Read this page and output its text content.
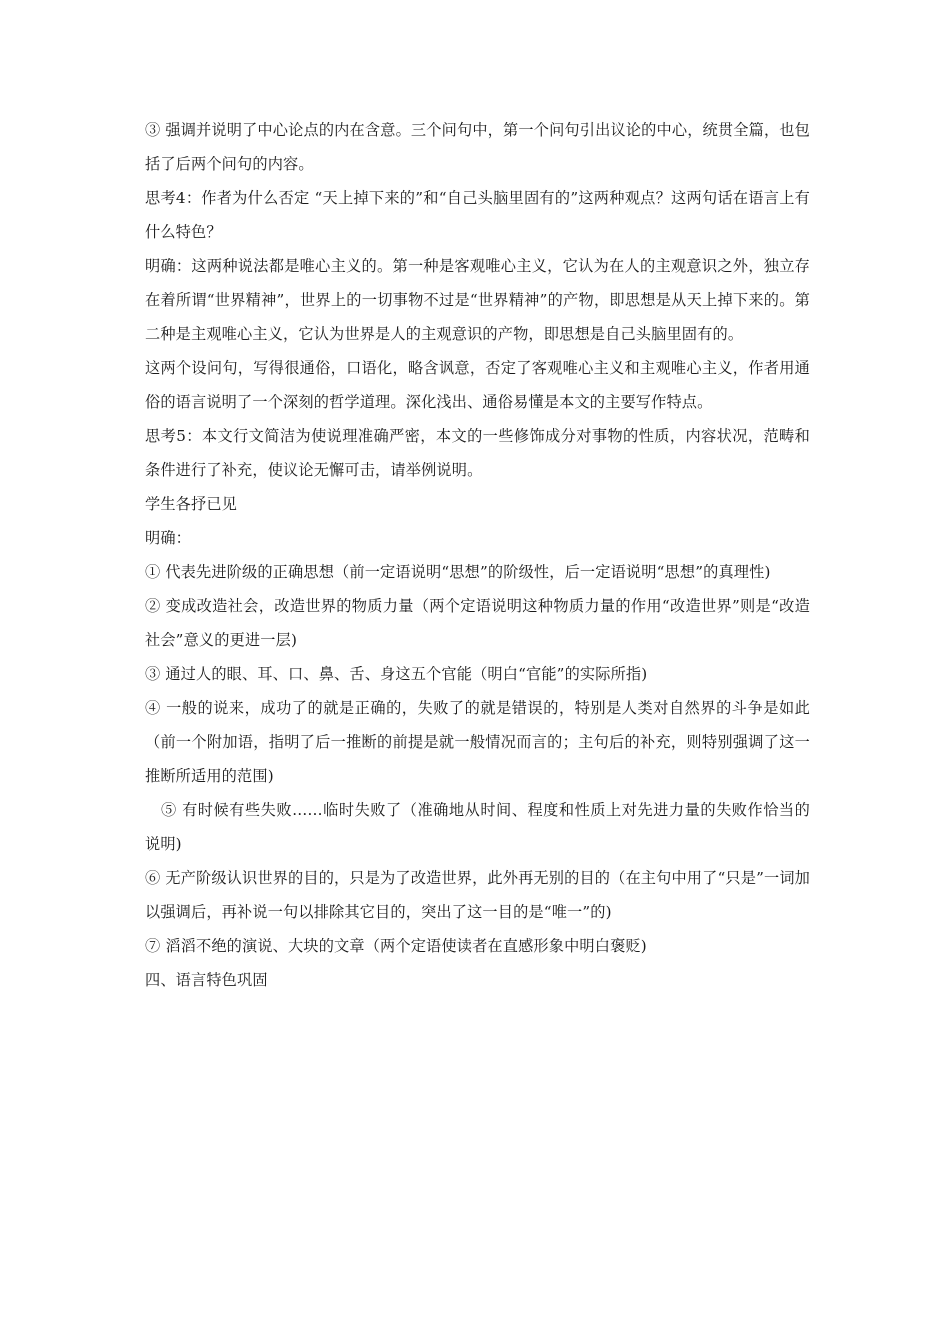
③ 强调并说明了中心论点的内在含意。三个问句中，第一个问句引出议论的中心，统贯全篇，也包括了后两个问句的内容。

思考4：作者为什么否定 “天上掉下来的”和“自己头脑里固有的”这两种观点？这两句话在语言上有什么特色？

明确：这两种说法都是唯心主义的。第一种是客观唯心主义，它认为在人的主观意识之外，独立存在着所谓“世界精神”，世界上的一切事物不过是“世界精神”的产物，即思想是从天上掉下来的。第二种是主观唯心主义，它认为世界是人的主观意识的产物，即思想是自己头脑里固有的。

这两个设问句，写得很通俗，口语化，略含讽意，否定了客观唯心主义和主观唯心主义，作者用通俗的语言说明了一个深刻的哲学道理。深化浅出、通俗易懂是本文的主要写作特点。

思考5：本文行文简洁为使说理准确严密，本文的一些修饰成分对事物的性质，内容状况，范畴和条件进行了补充，使议论无懈可击，请举例说明。

学生各抒已见

明确：

① 代表先进阶级的正确思想（前一定语说明“思想”的阶级性，后一定语说明“思想”的真理性)

② 变成改造社会，改造世界的物质力量（两个定语说明这种物质力量的作用“改造世界”则是“改造社会”意义的更进一层)

③ 通过人的眼、耳、口、鼻、舌、身这五个官能（明白“官能”的实际所指)

④ 一般的说来，成功了的就是正确的，失败了的就是错误的，特别是人类对自然界的斗争是如此（前一个附加语，指明了后一推断的前提是就一般情况而言的；主句后的补充，则特别强调了这一推断所适用的范围)

⑤ 有时候有些失败……临时失败了（准确地从时间、程度和性质上对先进力量的失败作恰当的说明)

⑥ 无产阶级认识世界的目的，只是为了改造世界，此外再无别的目的（在主句中用了“只是”一词加以强调后，再补说一句以排除其它目的，突出了这一目的是“唯一”的)

⑦ 滔滔不绝的演说、大块的文章（两个定语使读者在直感形象中明白褒贬)

四、语言特色巩固
